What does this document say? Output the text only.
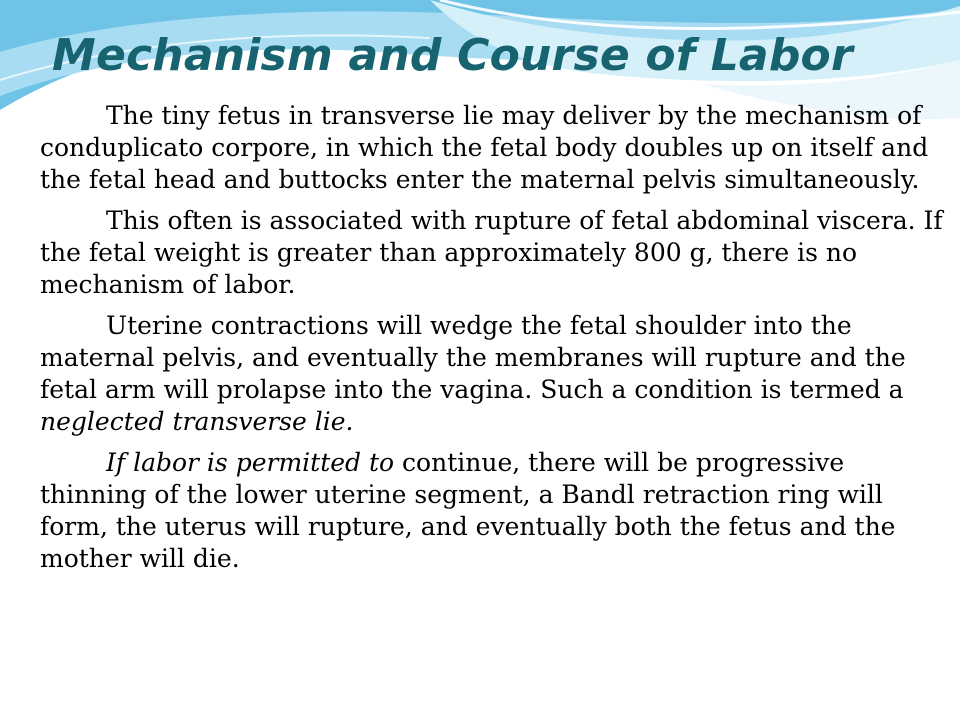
Mechanism and Course of Labor

The tiny fetus in transverse lie may deliver by the mechanism of conduplicato corpore, in which the fetal body doubles up on itself and the fetal head and buttocks enter the maternal pelvis simultaneously.

This often is associated with rupture of fetal abdominal viscera. If the fetal weight is greater than approximately 800 g, there is no mechanism of labor.

Uterine contractions will wedge the fetal shoulder into the maternal pelvis, and eventually the membranes will rupture and the fetal arm will prolapse into the vagina. Such a condition is termed a neglected transverse lie.

If labor is permitted to continue, there will be progressive thinning of the lower uterine segment, a Bandl retraction ring will form, the uterus will rupture, and eventually both the fetus and the mother will die.
